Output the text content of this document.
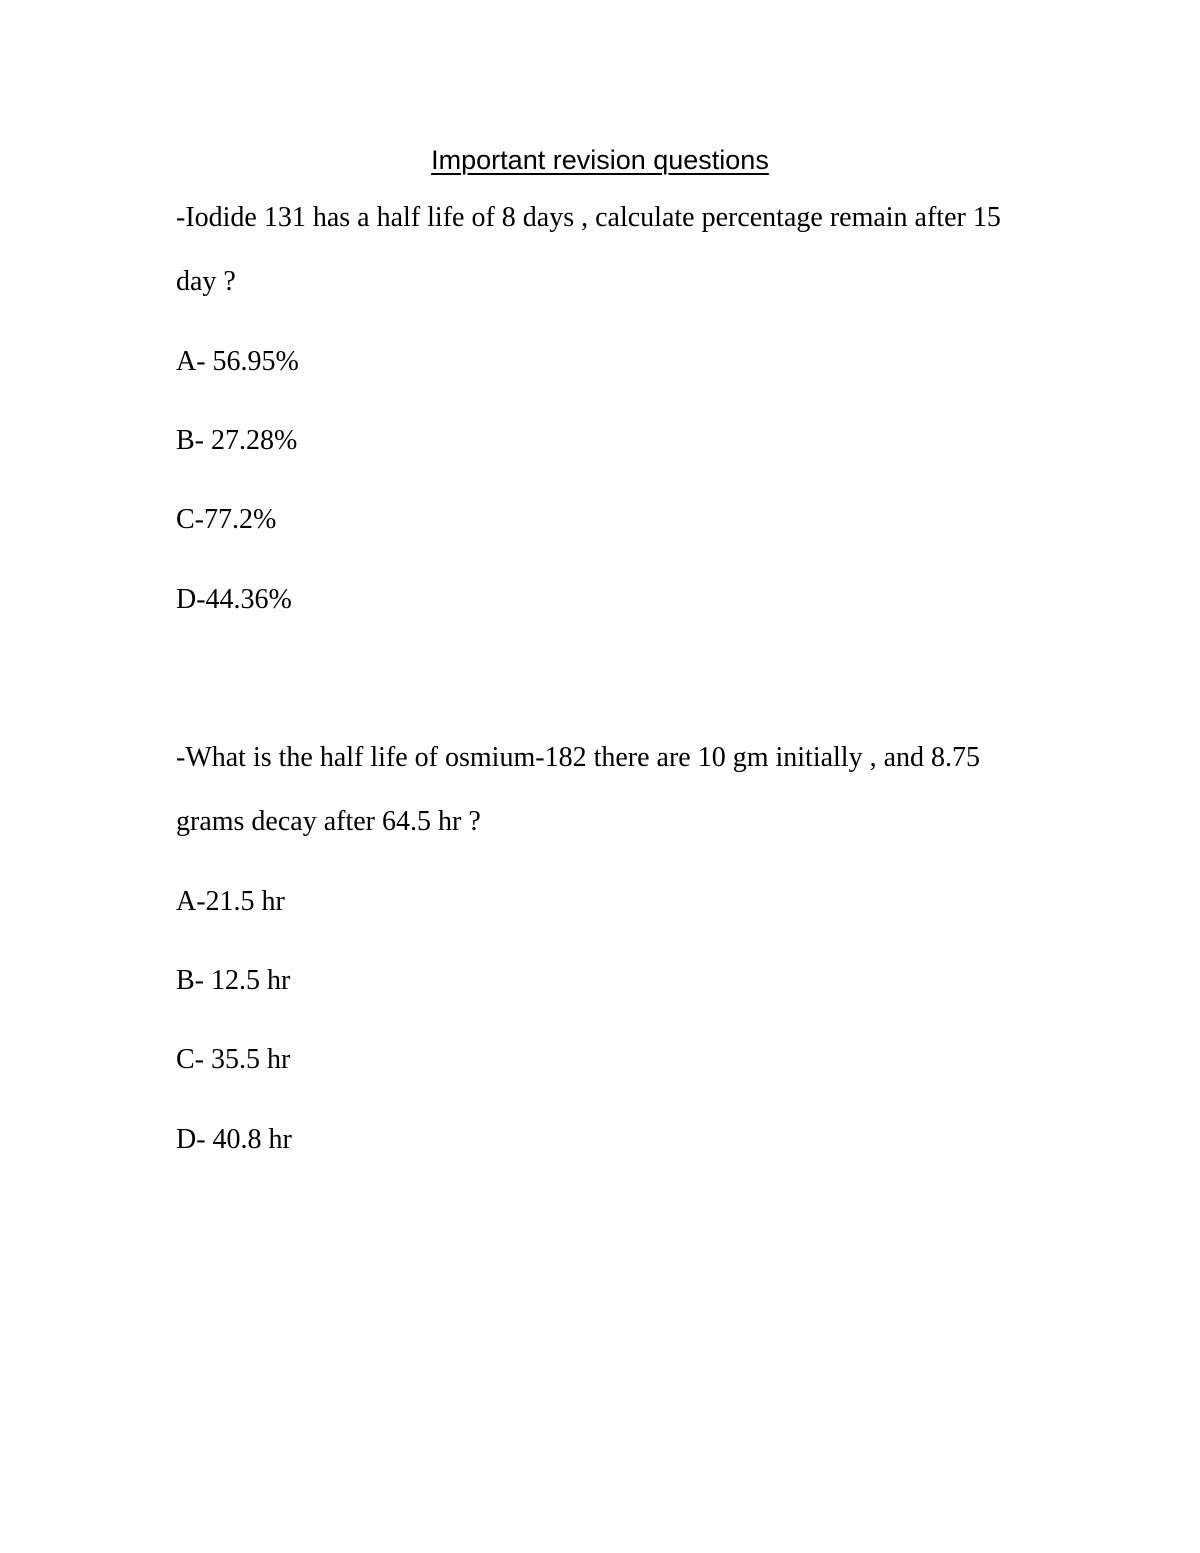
Important revision questions
-Iodide 131 has a half life of 8 days , calculate percentage remain after 15
day ?
A- 56.95%
B- 27.28%
C-77.2%
D-44.36%
-What is the half life of osmium-182 there are 10 gm initially , and 8.75
grams decay after 64.5 hr ?
A-21.5 hr
B- 12.5 hr
C- 35.5 hr
D- 40.8 hr
